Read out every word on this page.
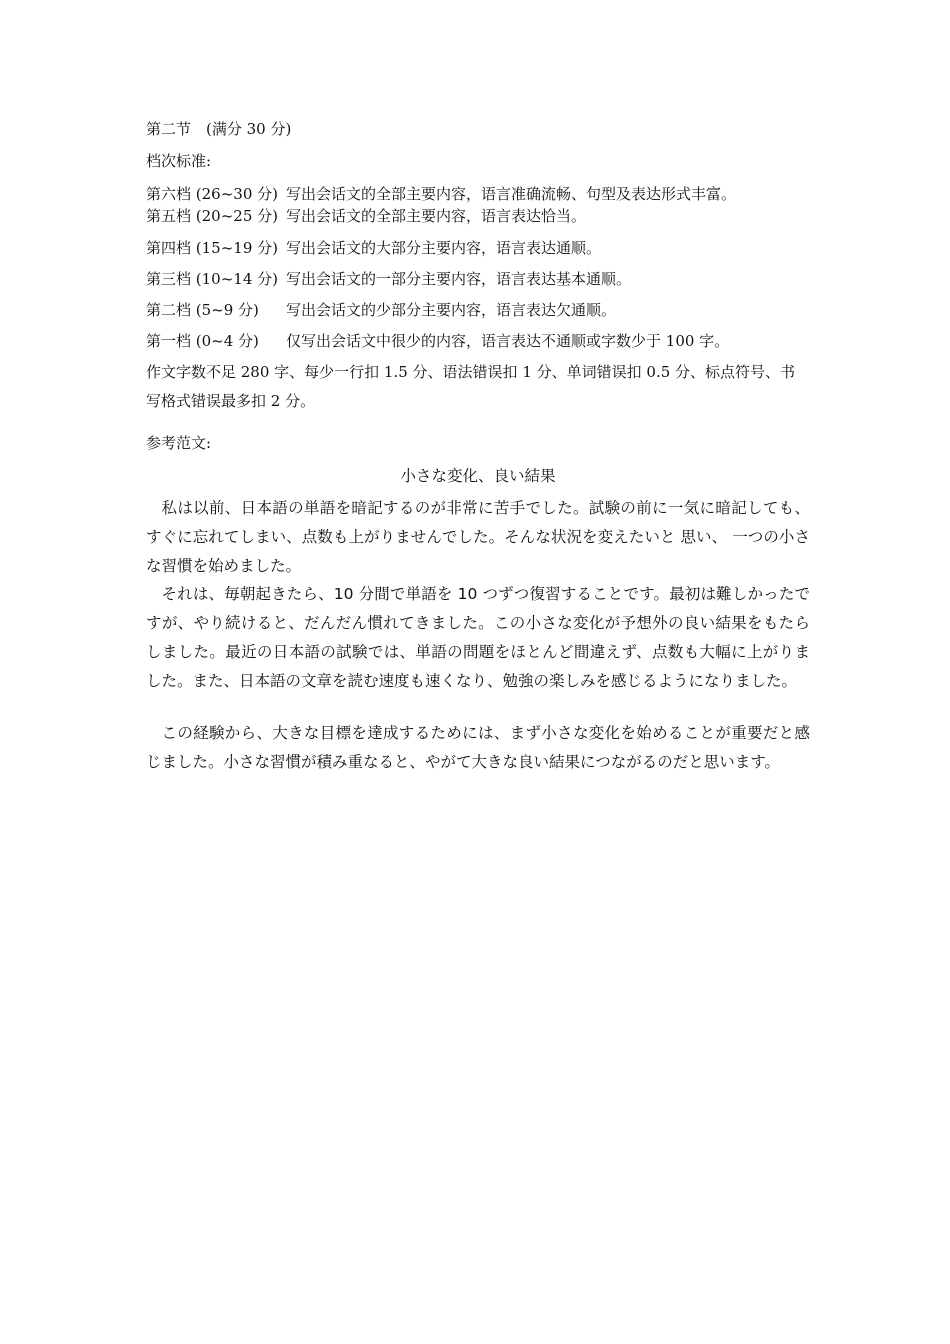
第二节　(满分 30 分)
档次标准:
第六档 (26~30 分) 写出会话文的全部主要内容，语言准确流畅、句型及表达形式丰富。
第五档 (20~25 分) 写出会话文的全部主要内容，语言表达恰当。
第四档 (15~19 分) 写出会话文的大部分主要内容，语言表达通顺。
第三档 (10~14 分) 写出会话文的一部分主要内容，语言表达基本通顺。
第二档 (5~9 分)	写出会话文的少部分主要内容，语言表达欠通顺。
第一档 (0~4 分)	仅写出会话文中很少的内容，语言表达不通顺或字数少于 100 字。
作文字数不足 280 字、每少一行扣 1.5 分、语法错误扣 1 分、单词错误扣 0.5 分、标点符号、书写格式错误最多扣 2 分。
参考范文:
小さな変化、良い結果
私は以前、日本語の単語を暗記するのが非常に苦手でした。試験の前に一気に暗記しても、すぐに忘れてしまい、点数も上がりませんでした。そんな状況を変えたいと 思い、 一つの小さな習慣を始めました。
それは、毎朝起きたら、10 分間で単語を 10 つずつ復習することです。最初は難しかったですが、やり続けると、だんだん慣れてきました。この小さな変化が予想外の良い結果をもたらしました。最近の日本語の試験では、単語の問題をほとんど間違えず、点数も大幅に上がりました。また、日本語の文章を読む速度も速くなり、勉強の楽しみを感じるようになりました。
この経験から、大きな目標を達成するためには、まず小さな変化を始めることが重要だと感じました。小さな習慣が積み重なると、やがて大きな良い結果につながるのだと思います。
